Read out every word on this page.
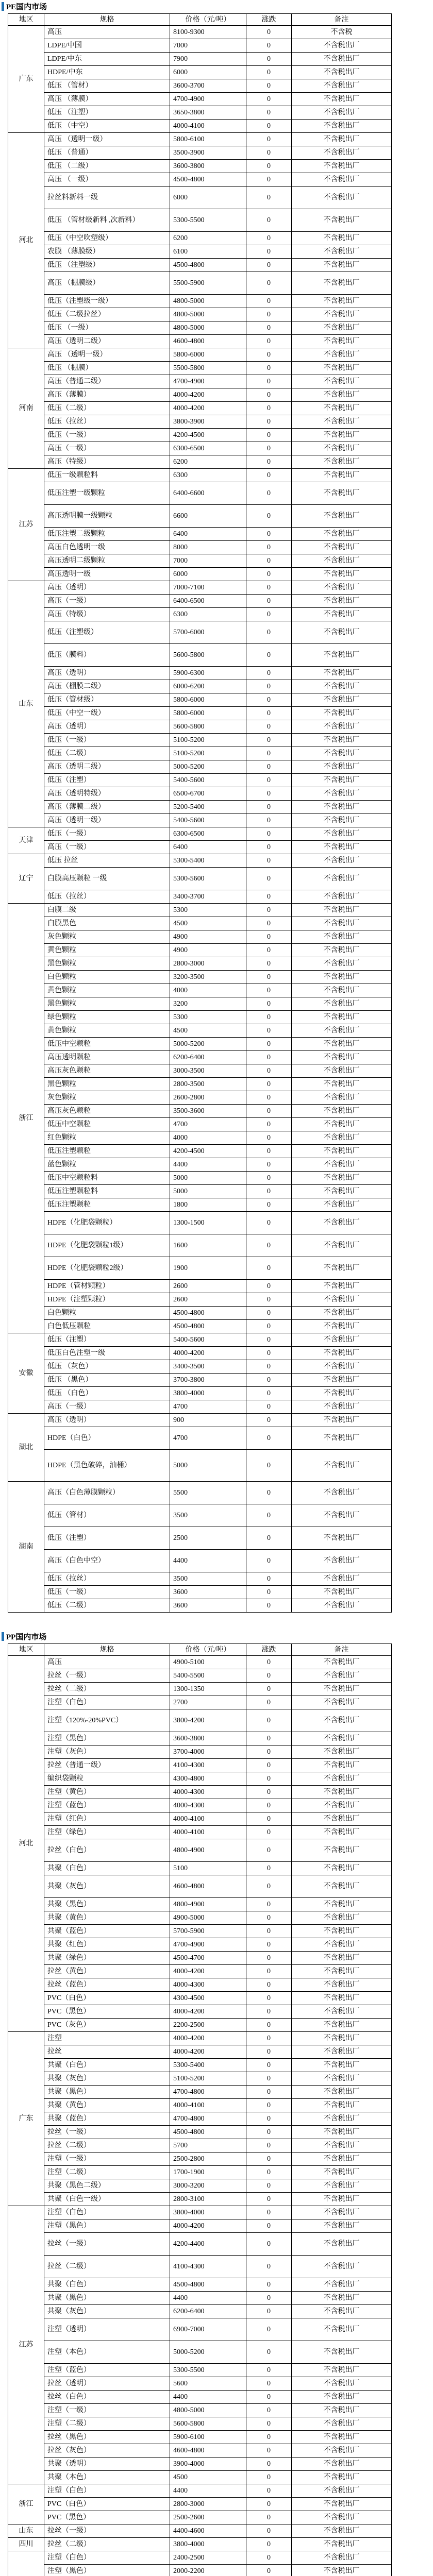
PE国内市场
地区	规格	价格（元/吨）	涨跌	备注
广东	高压	8100-9300	0	不含税
	LDPE/中国	7000	0	不含税出厂
	LDPE/中东	7900	0	不含税出厂
	HDPE/中东	6000	0	不含税出厂
	低压 （管材）	3600-3700	0	不含税出厂
	高压 （薄膜）	4700-4900	0	不含税出厂
	低压 （注塑）	3650-3800	0	不含税出厂
	低压 （中空）	4000-4100	0	不含税出厂
河北	高压 （透明一级）	5800-6100	0	不含税出厂
	低压 （普通）	3500-3900	0	不含税出厂
	低压 （二级）	3600-3800	0	不含税出厂
	高压 （一级）	4500-4800	0	不含税出厂
	拉丝料新料一级	6000	0	不含税出厂
	低压 （管材级新料 ,次新料）	5300-5500	0	不含税出厂
	低压（中空吹塑级）	6200	0	不含税出厂
	农膜 （薄膜级）	6100	0	不含税出厂
	低压 （注塑级）	4500-4800	0	不含税出厂
	高压 （棚膜级）	5500-5900	0	不含税出厂
	低压（注塑级一级）	4800-5000	0	不含税出厂
	低压（二级拉丝）	4800-5000	0	不含税出厂
	低压 （一级）	4800-5000	0	不含税出厂
	高压（透明二级）	4600-4800	0	不含税出厂
河南	高压 （透明一级）	5800-6000	0	不含税出厂
	低压 （棚膜）	5500-5800	0	不含税出厂
	高压（普通二级）	4700-4900	0	不含税出厂
	高压（薄膜）	4000-4200	0	不含税出厂
	低压（二级）	4000-4200	0	不含税出厂
	低压（拉丝）	3800-3900	0	不含税出厂
	低压（一级）	4200-4500	0	不含税出厂
	高压（一级）	6300-6500	0	不含税出厂
	高压（特级）	6200	0	不含税出厂
江苏	低压一级颗粒料	6300	0	不含税出厂
	低压注塑一级颗粒	6400-6600	0	不含税出厂
	高压透明膜一级颗粒	6600	0	不含税出厂
	低压注塑二级颗粒	6400	0	不含税出厂
	高压白色透明一级	8000	0	不含税出厂
	高压透明二级颗粒	7000	0	不含税出厂
	高压透明一级	6000	0	不含税出厂
山东	高压（透明）	7000-7100	0	不含税出厂
	高压（一级）	6400-6500	0	不含税出厂
	高压（特级）	6300	0	不含税出厂
	低压（注塑级）	5700-6000	0	不含税出厂
	低压（膜料）	5600-5800	0	不含税出厂
	高压（透明）	5900-6300	0	不含税出厂
	高压（棚膜二级）	6000-6200	0	不含税出厂
	低压（管材级）	5800-6000	0	不含税出厂
	低压（中空一级）	5800-6000	0	不含税出厂
	高压（透明）	5600-5800	0	不含税出厂
	低压（一级）	5100-5200	0	不含税出厂
	低压（二级）	5100-5200	0	不含税出厂
	高压（透明二级）	5000-5200	0	不含税出厂
	低压（注塑）	5400-5600	0	不含税出厂
	高压（透明特级）	6500-6700	0	不含税出厂
	高压（薄膜二级）	5200-5400	0	不含税出厂
	高压（透明一级）	5400-5600	0	不含税出厂
天津	低压（一级）	6300-6500	0	不含税出厂
	高压（一级）	6400	0	不含税出厂
辽宁	低压 拉丝	5300-5400	0	不含税出厂
	白膜高压颗粒 一级	5300-5600	0	不含税出厂
	低压（拉丝）	3400-3700	0	不含税出厂
浙江	白膜二级	5300	0	不含税出厂
	白膜黑色	4500	0	不含税出厂
	灰色颗粒	4900	0	不含税出厂
	黄色颗粒	4900	0	不含税出厂
	黑色颗粒	2800-3000	0	不含税出厂
	白色颗粒	3200-3500	0	不含税出厂
	黄色颗粒	4000	0	不含税出厂
	黑色颗粒	3200	0	不含税出厂
	绿色颗粒	5300	0	不含税出厂
	黄色颗粒	4500	0	不含税出厂
	低压中空颗粒	5000-5200	0	不含税出厂
	高压透明颗粒	6200-6400	0	不含税出厂
	高压灰色颗粒	3000-3500	0	不含税出厂
	黑色颗粒	2800-3500	0	不含税出厂
	灰色颗粒	2600-2800	0	不含税出厂
	高压灰色颗粒	3500-3600	0	不含税出厂
	低压中空颗粒	4700	0	不含税出厂
	红色颗粒	4000	0	不含税出厂
	低压注塑颗粒	4200-4500	0	不含税出厂
	蓝色颗粒	4400	0	不含税出厂
	低压中空颗粒料	5000	0	不含税出厂
	低压注塑颗粒料	5000	0	不含税出厂
	低压注塑颗粒	1800	0	不含税出厂
	HDPE（化肥袋颗粒）	1300-1500	0	不含税出厂
	HDPE（化肥袋颗粒1级）	1600	0	不含税出厂
	HDPE（化肥袋颗粒2级）	1900	0	不含税出厂
	HDPE（管材颗粒）	2600	0	不含税出厂
	HDPE（注塑颗粒）	2600	0	不含税出厂
	白色颗粒	4500-4800	0	不含税出厂
	白色低压颗粒	4500-4800	0	不含税出厂
安徽	低压（注塑）	5400-5600	0	不含税出厂
	低压白色注塑一级	4000-4200	0	不含税出厂
	低压 （灰色）	3400-3500	0	不含税出厂
	低压 （黑色）	3700-3800	0	不含税出厂
	低压 （白色）	3800-4000	0	不含税出厂
	高压（一级）	4700	0	不含税出厂
湖北	高压（透明）	900	0	不含税出厂
	HDPE（白色）	4700	0	不含税出厂
	HDPE（黑色破碎，油桶）	5000	0	不含税出厂
湖南	高压（白色薄膜颗粒）	5500	0	不含税出厂
	低压（管材）	3500	0	不含税出厂
	低压（注塑）	2500	0	不含税出厂
	高压（白色中空）	4400	0	不含税出厂
	低压（拉丝）	3500	0	不含税出厂
	低压（一级）	3600	0	不含税出厂
	低压（二级）	3600	0	不含税出厂
PP国内市场
地区	规格	价格（元/吨）	涨跌	备注
河北	高压	4900-5100	0	不含税出厂
	拉丝（一级）	5400-5500	0	不含税出厂
	拉丝（二级）	1300-1350	0	不含税出厂
	注塑（白色）	2700	0	不含税出厂
	注塑（120%-20%PVC）	3800-4200	0	不含税出厂
	注塑（黑色）	3600-3800	0	不含税出厂
	注塑（灰色）	3700-4000	0	不含税出厂
	拉丝（普通一级）	4100-4300	0	不含税出厂
	编织袋颗粒	4300-4800	0	不含税出厂
	注塑（黄色）	4000-4300	0	不含税出厂
	注塑（蓝色）	4000-4300	0	不含税出厂
	注塑（红色）	4000-4100	0	不含税出厂
	注塑（绿色）	4000-4100	0	不含税出厂
	拉丝（白色）	4800-4900	0	不含税出厂
	共聚（白色）	5100	0	不含税出厂
	共聚（灰色）	4600-4800	0	不含税出厂
	共聚（黑色）	4800-4900	0	不含税出厂
	共聚（黄色）	4900-5000	0	不含税出厂
	共聚（蓝色）	5700-5900	0	不含税出厂
	共聚（红色）	4700-4900	0	不含税出厂
	共聚（绿色）	4500-4700	0	不含税出厂
	拉丝（黄色）	4000-4200	0	不含税出厂
	拉丝（蓝色）	4000-4300	0	不含税出厂
	PVC（白色）	4300-4500	0	不含税出厂
	PVC（黑色）	4000-4200	0	不含税出厂
	PVC（灰色）	2200-2500	0	不含税出厂
广东	注塑	4000-4200	0	不含税出厂
	拉丝	4000-4200	0	不含税出厂
	共聚（白色）	5300-5400	0	不含税出厂
	共聚（灰色）	5100-5200	0	不含税出厂
	共聚（黑色）	4700-4800	0	不含税出厂
	共聚（黄色）	4000-4100	0	不含税出厂
	共聚（蓝色）	4700-4800	0	不含税出厂
	拉丝（一级）	4500-4800	0	不含税出厂
	拉丝（二级）	5700	0	不含税出厂
	注塑（一级）	2500-2800	0	不含税出厂
	注塑（二级）	1700-1900	0	不含税出厂
	共聚（黑色二级）	3000-3200	0	不含税出厂
	共聚（白色一级）	2800-3100	0	不含税出厂
江苏	注塑（白色）	3800-4000	0	不含税出厂
	注塑（黑色）	4000-4200	0	不含税出厂
	拉丝（一级）	4200-4400	0	不含税出厂
	拉丝（二级）	4100-4300	0	不含税出厂
	共聚（白色）	4500-4800	0	不含税出厂
	共聚（黑色）	4400	0	不含税出厂
	共聚（灰色）	6200-6400	0	不含税出厂
	注塑（透明）	6900-7000	0	不含税出厂
	注塑（本色）	5000-5200	0	不含税出厂
	注塑（蓝色）	5300-5500	0	不含税出厂
	拉丝（透明）	5600	0	不含税出厂
	拉丝（白色）	4400	0	不含税出厂
	注塑（一级）	4800-5000	0	不含税出厂
	注塑（二级）	5600-5800	0	不含税出厂
	拉丝（黑色）	5900-6100	0	不含税出厂
	拉丝（灰色）	4600-4800	0	不含税出厂
	共聚（透明）	3900-4000	0	不含税出厂
	共聚（本色）	4500	0	不含税出厂
浙江	注塑（白色）	4400	0	不含税出厂
	PVC（白色）	2800-3000	0	不含税出厂
	PVC（黑色）	2500-2600	0	不含税出厂
山东	拉丝（一级）	4400-4600	0	不含税出厂
四川	拉丝（二级）	3800-4000	0	不含税出厂
	注塑（白色）	2400-2500	0	不含税出厂
	注塑（黑色）	2000-2200	0	不含税出厂
